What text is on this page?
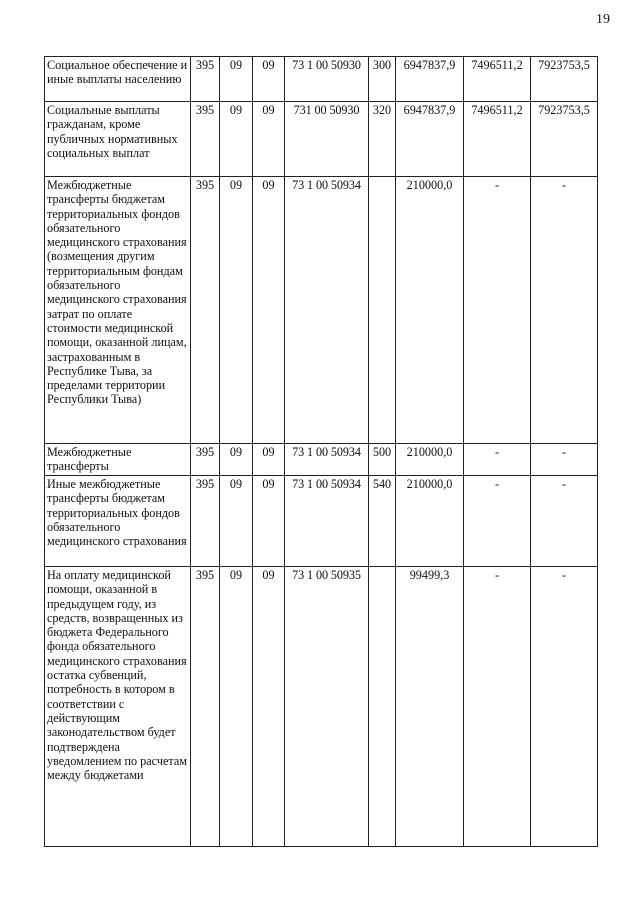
19
Социальное обеспечение и иные выплаты населению	395	09	09	73 1 00 50930	300	6947837,9	7496511,2	7923753,5
Социальные выплаты гражданам, кроме публичных нормативных социальных выплат	395	09	09	731 00 50930	320	6947837,9	7496511,2	7923753,5
Межбюджетные трансферты бюджетам территориальных фондов обязательного медицинского страхования (возмещения другим территориальным фондам обязательного медицинского страхования затрат по оплате стоимости медицинской помощи, оказанной лицам, застрахованным в Республике Тыва, за пределами территории Республики Тыва)	395	09	09	73 1 00 50934		210000,0	-	-
Межбюджетные трансферты	395	09	09	73 1 00 50934	500	210000,0	-	-
Иные межбюджетные трансферты бюджетам территориальных фондов обязательного медицинского страхования	395	09	09	73 1 00 50934	540	210000,0	-	-
На оплату медицинской помощи, оказанной в предыдущем году, из средств, возвращенных из бюджета Федерального фонда обязательного медицинского страхования остатка субвенций, потребность в котором в соответствии с действующим законодательством будет подтверждена уведомлением по расчетам между бюджетами	395	09	09	73 1 00 50935		99499,3	-	-
